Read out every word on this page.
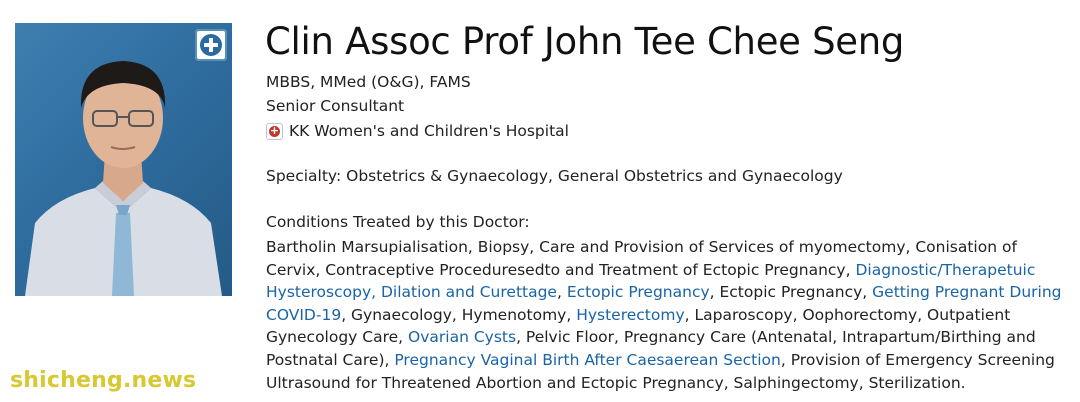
Clin Assoc Prof John Tee Chee Seng
MBBS, MMed (O&G), FAMS
Senior Consultant
+
KK Women's and Children's Hospital
Specialty: Obstetrics & Gynaecology, General Obstetrics and Gynaecology
Conditions Treated by this Doctor:
Bartholin Marsupialisation, Biopsy, Care and Provision of Services of myomectomy, Conisation of Cervix, Contraceptive Proceduresedto and Treatment of Ectopic Pregnancy, Diagnostic/Therapetuic Hysteroscopy, Dilation and Curettage, Ectopic Pregnancy, Ectopic Pregnancy, Getting Pregnant During COVID-19, Gynaecology, Hymenotomy, Hysterectomy, Laparoscopy, Oophorectomy, Outpatient Gynecology Care, Ovarian Cysts, Pelvic Floor, Pregnancy Care (Antenatal, Intrapartum/Birthing and Postnatal Care), Pregnancy Vaginal Birth After Caesaerean Section, Provision of Emergency Screening Ultrasound for Threatened Abortion and Ectopic Pregnancy, Salphingectomy, Sterilization.
shicheng.news
